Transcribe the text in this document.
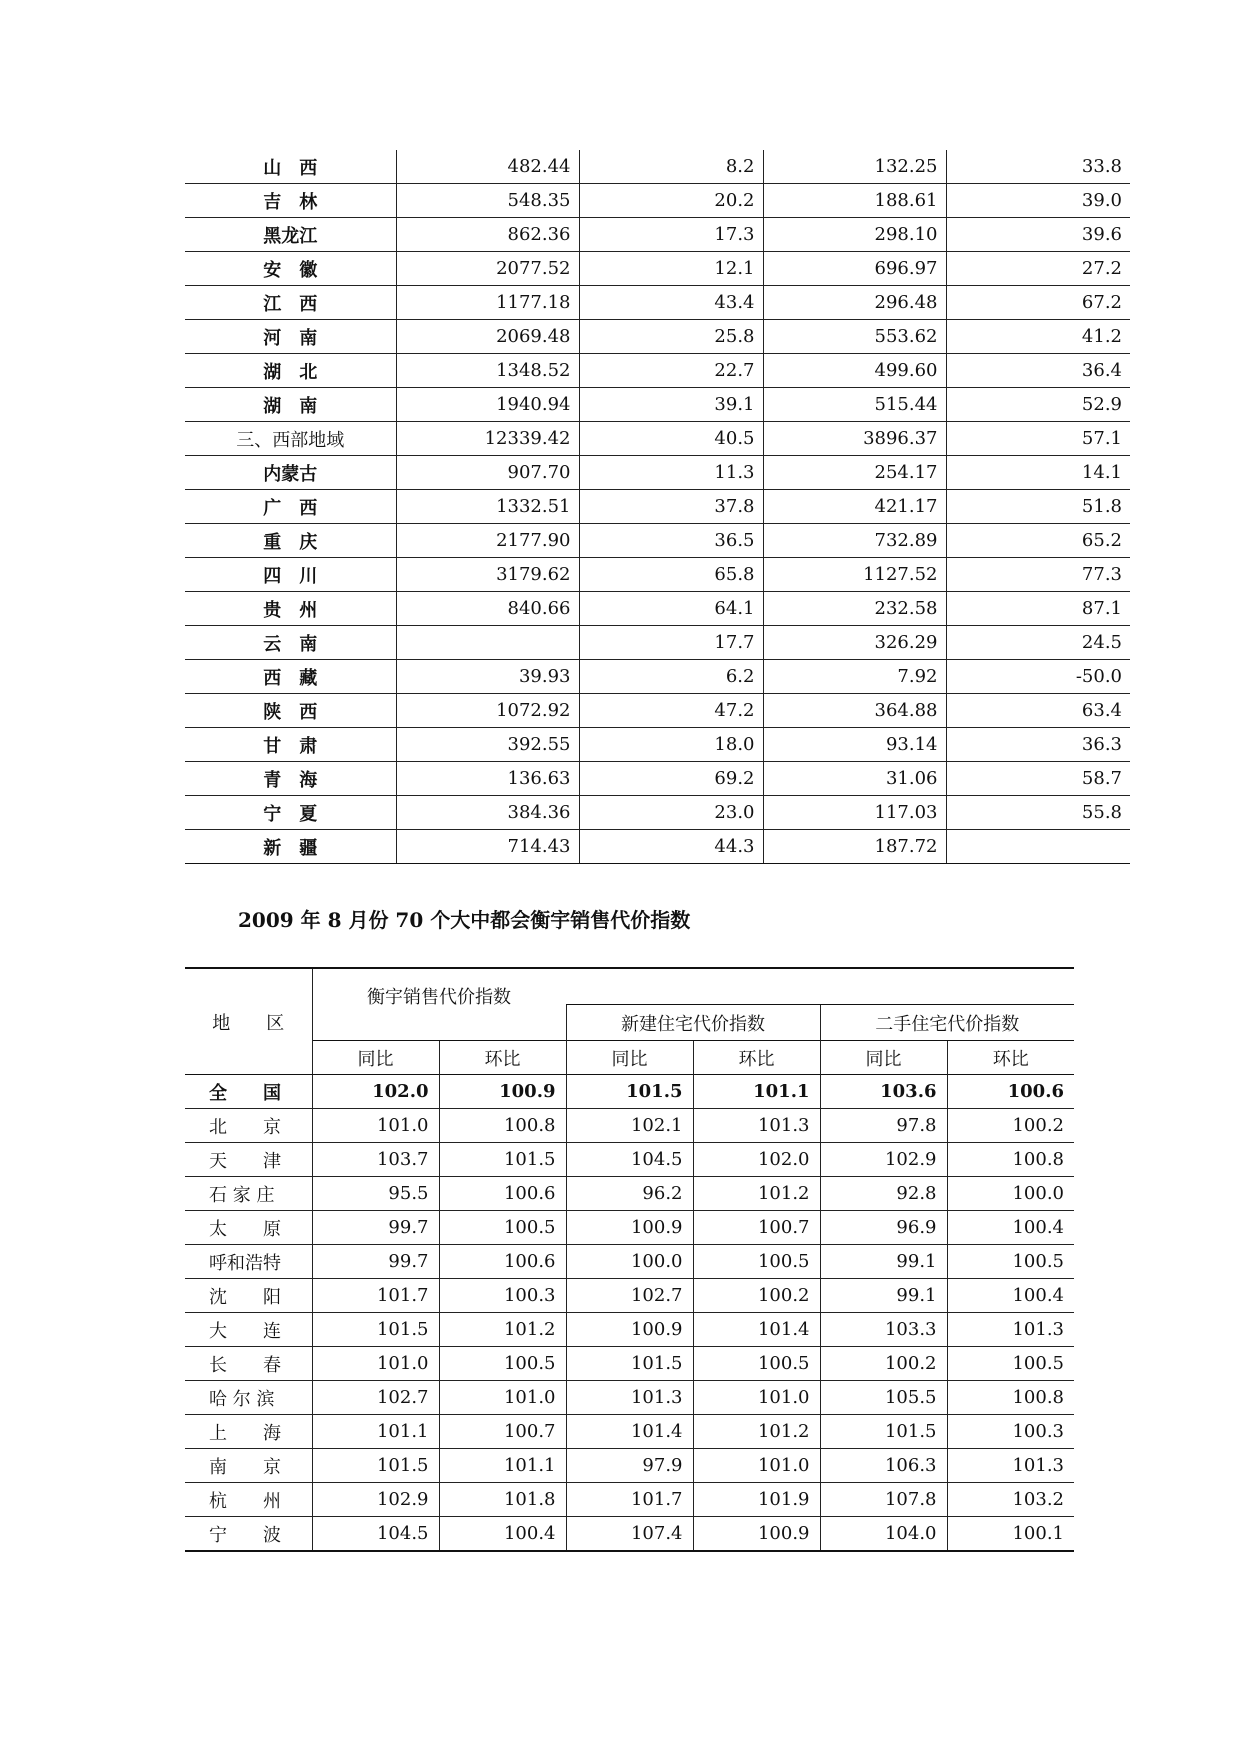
山　西	482.44	8.2	132.25	33.8
吉　林	548.35	20.2	188.61	39.0
黑龙江	862.36	17.3	298.10	39.6
安　徽	2077.52	12.1	696.97	27.2
江　西	1177.18	43.4	296.48	67.2
河　南	2069.48	25.8	553.62	41.2
湖　北	1348.52	22.7	499.60	36.4
湖　南	1940.94	39.1	515.44	52.9
三、西部地域	12339.42	40.5	3896.37	57.1
内蒙古	907.70	11.3	254.17	14.1
广　西	1332.51	37.8	421.17	51.8
重　庆	2177.90	36.5	732.89	65.2
四　川	3179.62	65.8	1127.52	77.3
贵　州	840.66	64.1	232.58	87.1
云　南		17.7	326.29	24.5
西　藏	39.93	6.2	7.92	-50.0
陕　西	1072.92	47.2	364.88	63.4
甘　肃	392.55	18.0	93.14	36.3
青　海	136.63	69.2	31.06	58.7
宁　夏	384.36	23.0	117.03	55.8
新　疆	714.43	44.3	187.72	
2009 年 8 月份 70 个大中都会衡宇销售代价指数
地　　区	衡宇销售代价指数					
			新建住宅代价指数		二手住宅代价指数	
	同比	环比	同比	环比	同比	环比
全　　国	102.0	100.9	101.5	101.1	103.6	100.6
北　　京	101.0	100.8	102.1	101.3	97.8	100.2
天　　津	103.7	101.5	104.5	102.0	102.9	100.8
石 家 庄	95.5	100.6	96.2	101.2	92.8	100.0
太　　原	99.7	100.5	100.9	100.7	96.9	100.4
呼和浩特	99.7	100.6	100.0	100.5	99.1	100.5
沈　　阳	101.7	100.3	102.7	100.2	99.1	100.4
大　　连	101.5	101.2	100.9	101.4	103.3	101.3
长　　春	101.0	100.5	101.5	100.5	100.2	100.5
哈 尔 滨	102.7	101.0	101.3	101.0	105.5	100.8
上　　海	101.1	100.7	101.4	101.2	101.5	100.3
南　　京	101.5	101.1	97.9	101.0	106.3	101.3
杭　　州	102.9	101.8	101.7	101.9	107.8	103.2
宁　　波	104.5	100.4	107.4	100.9	104.0	100.1
